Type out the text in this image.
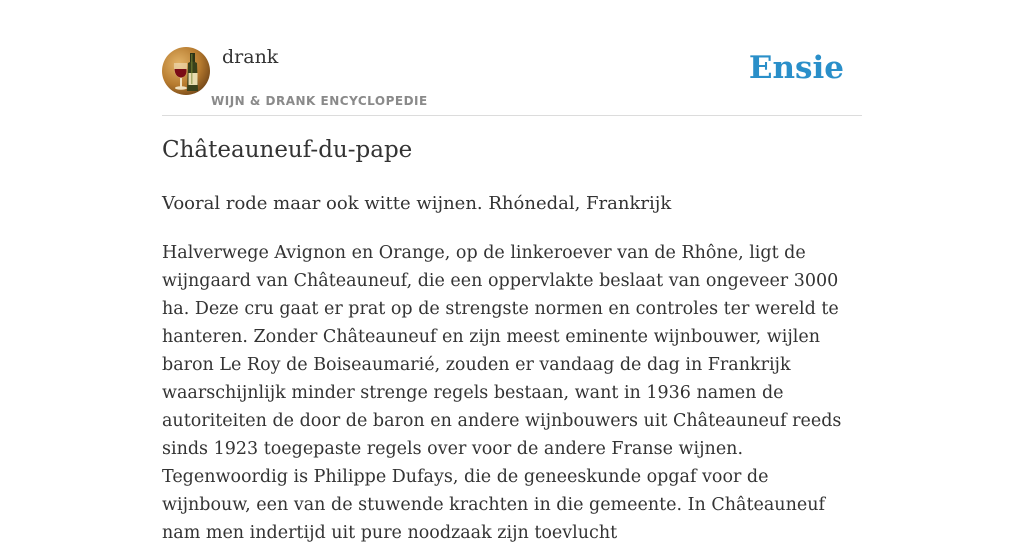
drank
WIJN & DRANK ENCYCLOPEDIE
Ensie
Châteauneuf-du-pape

Vooral rode maar ook witte wijnen. Rhónedal, Frankrijk

Halverwege Avignon en Orange, op de linkeroever van de Rhône, ligt de wijngaard van Châteauneuf, die een oppervlakte beslaat van ongeveer 3000 ha. Deze cru gaat er prat op de strengste normen en controles ter wereld te hanteren. Zonder Châteauneuf en zijn meest eminente wijnbouwer, wijlen baron Le Roy de Boiseaumarié, zouden er vandaag de dag in Frankrijk waarschijnlijk minder strenge regels bestaan, want in 1936 namen de autoriteiten de door de baron en andere wijnbouwers uit Châteauneuf reeds sinds 1923 toegepaste regels over voor de andere Franse wijnen. Tegenwoordig is Philippe Dufays, die de geneeskunde opgaf voor de wijnbouw, een van de stuwende krachten in die gemeente. In Châteauneuf nam men indertijd uit pure noodzaak zijn toevlucht
